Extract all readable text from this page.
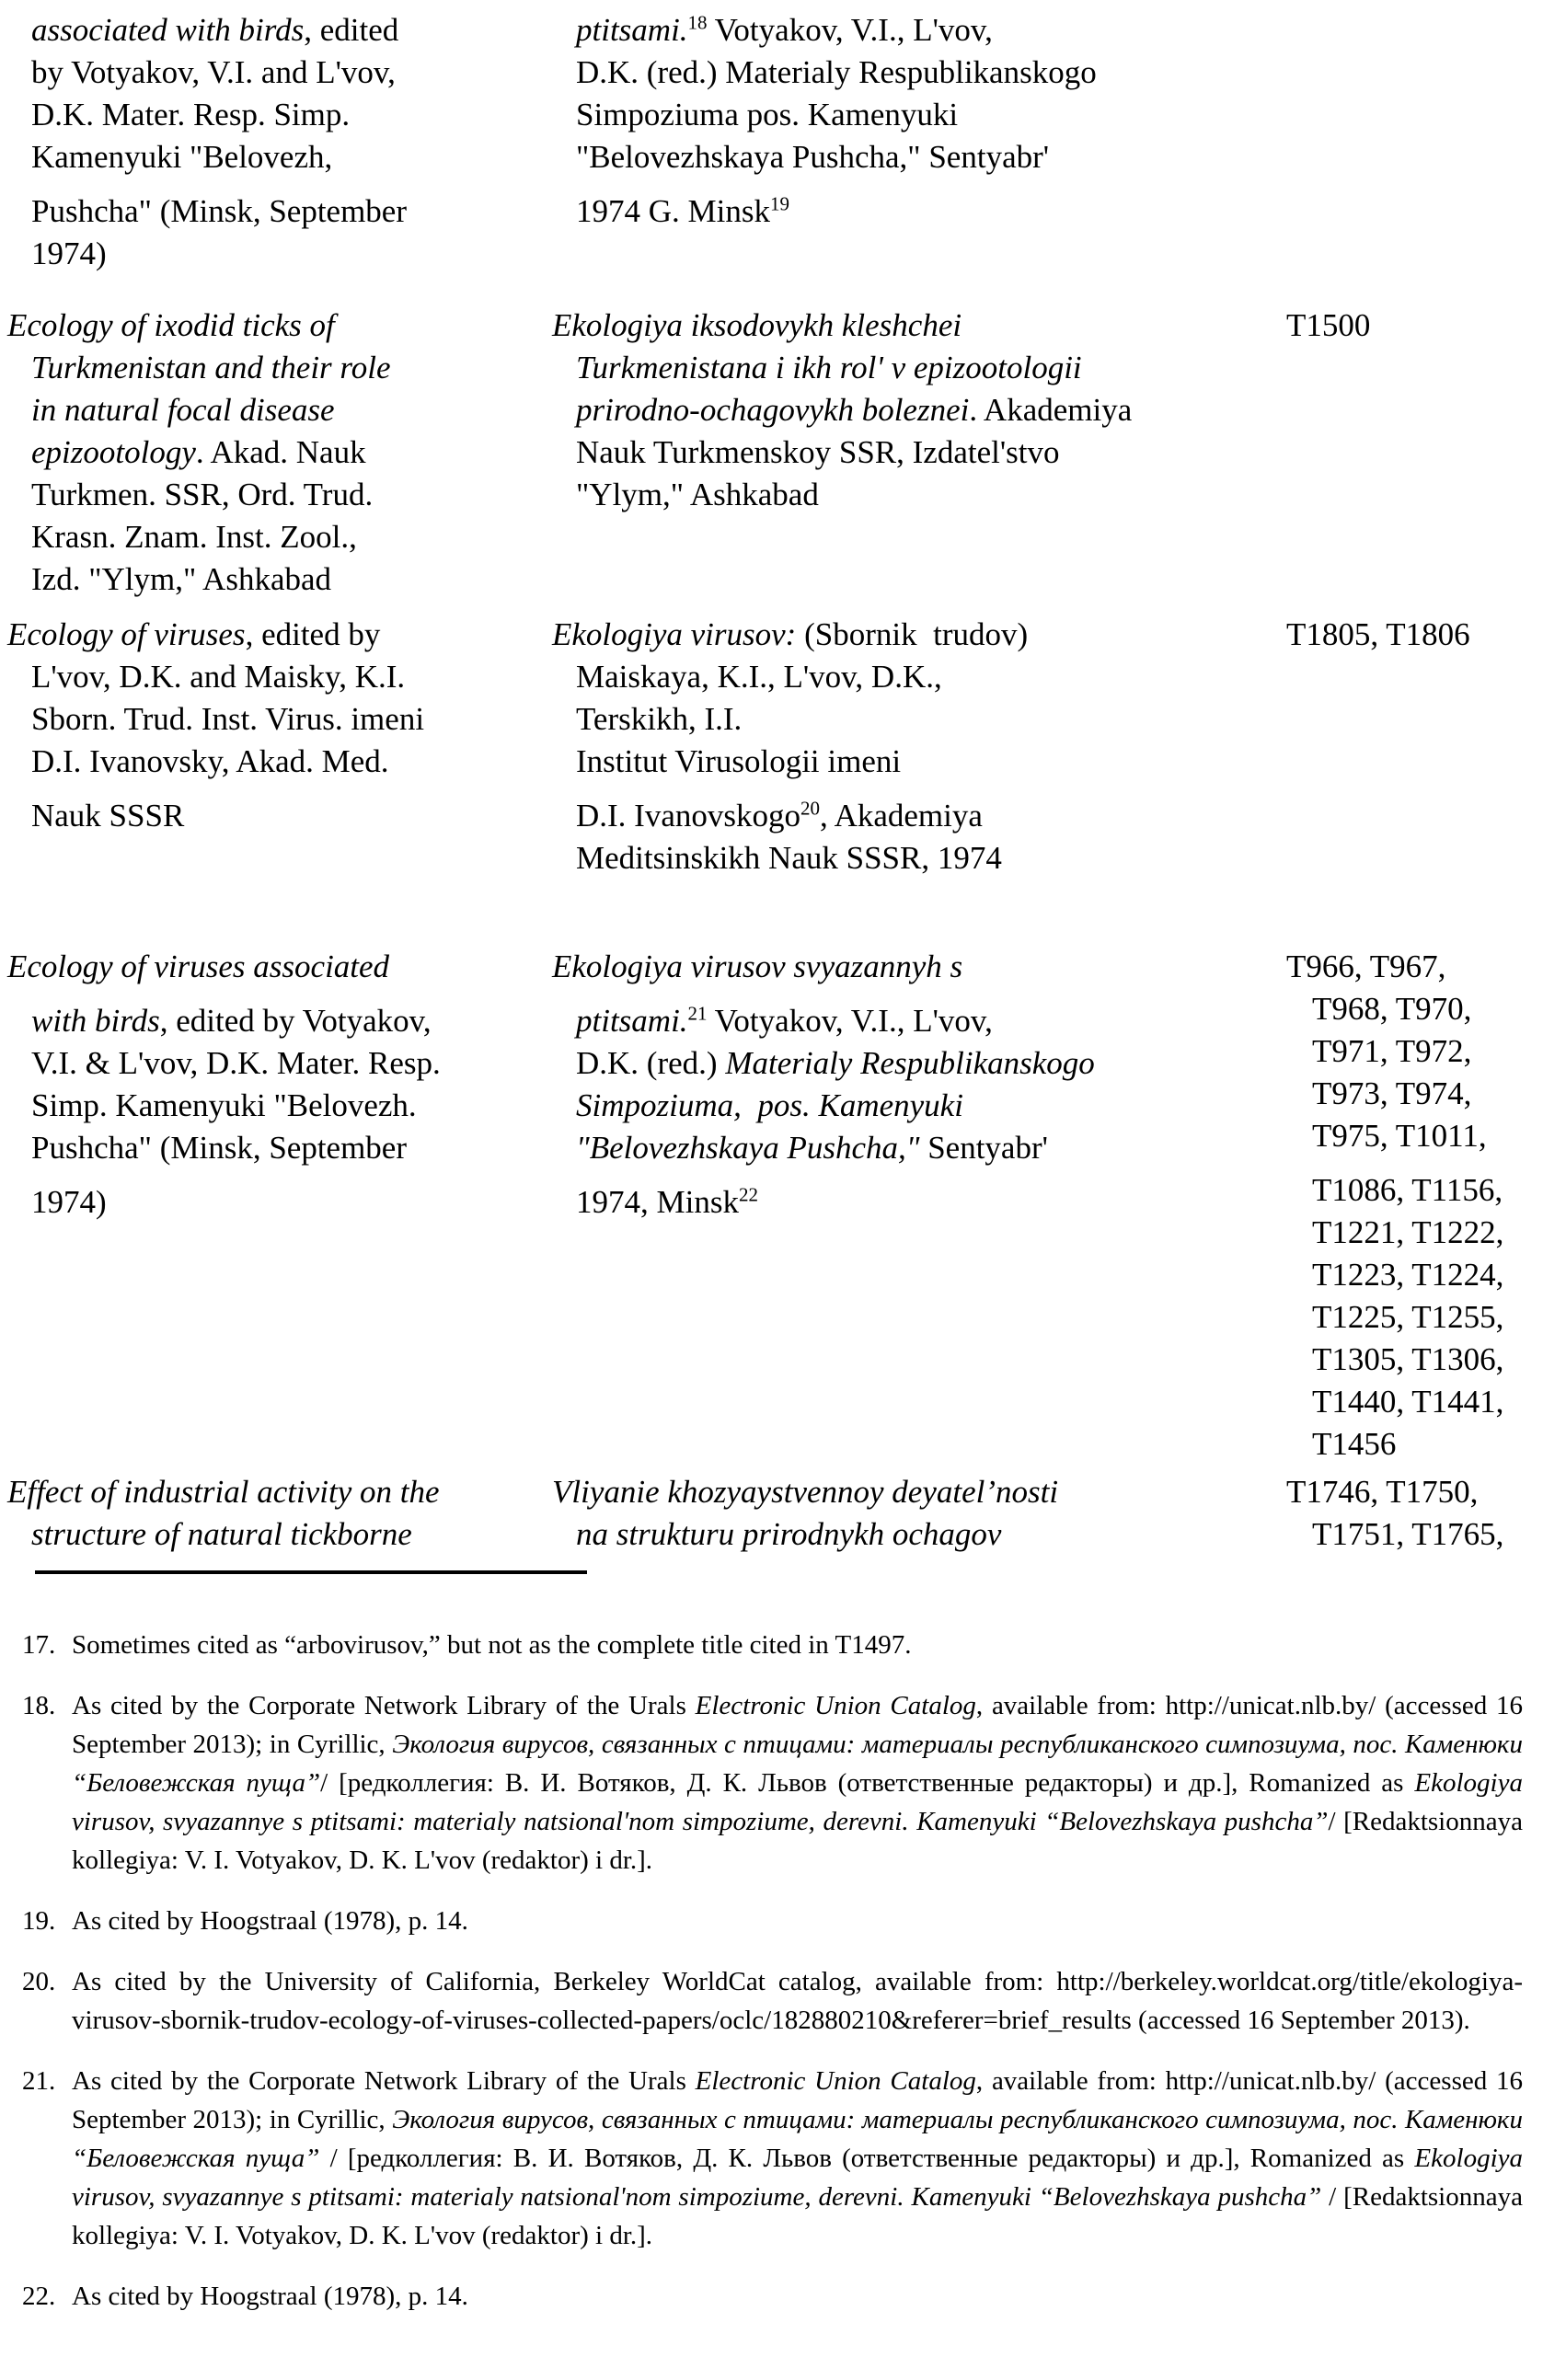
associated with birds, edited
by Votyakov, V.I. and L'vov,
D.K. Mater. Resp. Simp.
Kamenyuki "Belovezh,
Pushcha" (Minsk, September
1974)
ptitsami.$^{18}$ Votyakov, V.I., L'vov,
D.K. (red.) Materialy Respublikanskogo
Simpoziuma pos. Kamenyuki
"Belovezhskaya Pushcha," Sentyabr'
1974 G. Minsk$^{19}$
Ecology of ixodid ticks of
Turkmenistan and their role
in natural focal disease
epizootology. Akad. Nauk
Turkmen. SSR, Ord. Trud.
Krasn. Znam. Inst. Zool.,
Izd. "Ylym," Ashkabad
Ekologiya iksodovykh kleshchei
Turkmenistana i ikh rol' v epizootologii
prirodno-ochagovykh boleznei. Akademiya
Nauk Turkmenskoy SSR, Izdatel'stvo
"Ylym," Ashkabad
T1500
Ecology of viruses, edited by
L'vov, D.K. and Maisky, K.I.
Sborn. Trud. Inst. Virus. imeni
D.I. Ivanovsky, Akad. Med.
Nauk SSSR
Ekologiya virusov: (Sbornik  trudov)
Maiskaya, K.I., L'vov, D.K.,
Terskikh, I.I.
Institut Virusologii imeni
D.I. Ivanovskogo$^{20}$, Akademiya
Meditsinskikh Nauk SSSR, 1974
T1805, T1806
Ecology of viruses associated
with birds, edited by Votyakov,
V.I. & L'vov, D.K. Mater. Resp.
Simp. Kamenyuki "Belovezh.
Pushcha" (Minsk, September
1974)
Ekologiya virusov svyazannyh s
ptitsami.$^{21}$ Votyakov, V.I., L'vov,
D.K. (red.) Materialy Respublikanskogo
Simpoziuma,  pos. Kamenyuki
"Belovezhskaya Pushcha," Sentyabr'
1974, Minsk$^{22}$
T966, T967,
T968, T970,
T971, T972,
T973, T974,
T975, T1011,
T1086, T1156,
T1221, T1222,
T1223, T1224,
T1225, T1255,
T1305, T1306,
T1440, T1441,
T1456
Effect of industrial activity on the
structure of natural tickborne
Vliyanie khozyaystvennoy deyatel’nosti
na strukturu prirodnykh ochagov
T1746, T1750,
T1751, T1765,
17. Sometimes cited as “arbovirusov,” but not as the complete title cited in T1497.
18. As cited by the Corporate Network Library of the Urals Electronic Union Catalog, available from: http://unicat.nlb.by/ (accessed 16 September 2013); in Cyrillic, Экология вирусов, связанных с птицами: материалы республиканского симпозиума, пос. Каменюки “Беловежская пуща”/ [редколлегия: В. И. Вотяков, Д. К. Львов (ответственные редакторы) и др.], Romanized as Ekologiya virusov, svyazannye s ptitsami: materialy natsional'nom simpoziume, derevni. Kamenyuki “Belovezhskaya pushcha”/ [Redaktsionnaya kollegiya: V. I. Votyakov, D. K. L'vov (redaktor) i dr.].
19. As cited by Hoogstraal (1978), p. 14.
20. As cited by the University of California, Berkeley WorldCat catalog, available from: http://berkeley.worldcat.org/title/ekologiya-virusov-sbornik-trudov-ecology-of-viruses-collected-papers/oclc/182880210&referer=brief_results (accessed 16 September 2013).
21. As cited by the Corporate Network Library of the Urals Electronic Union Catalog, available from: http://unicat.nlb.by/ (accessed 16 September 2013); in Cyrillic, Экология вирусов, связанных с птицами: материалы республиканского симпозиума, пос. Каменюки “Беловежская пуща” / [редколлегия: В. И. Вотяков, Д. К. Львов (ответственные редакторы) и др.], Romanized as Ekologiya virusov, svyazannye s ptitsami: materialy natsional'nom simpoziume, derevni. Kamenyuki “Belovezhskaya pushcha” / [Redaktsionnaya kollegiya: V. I. Votyakov, D. K. L'vov (redaktor) i dr.].
22. As cited by Hoogstraal (1978), p. 14.
